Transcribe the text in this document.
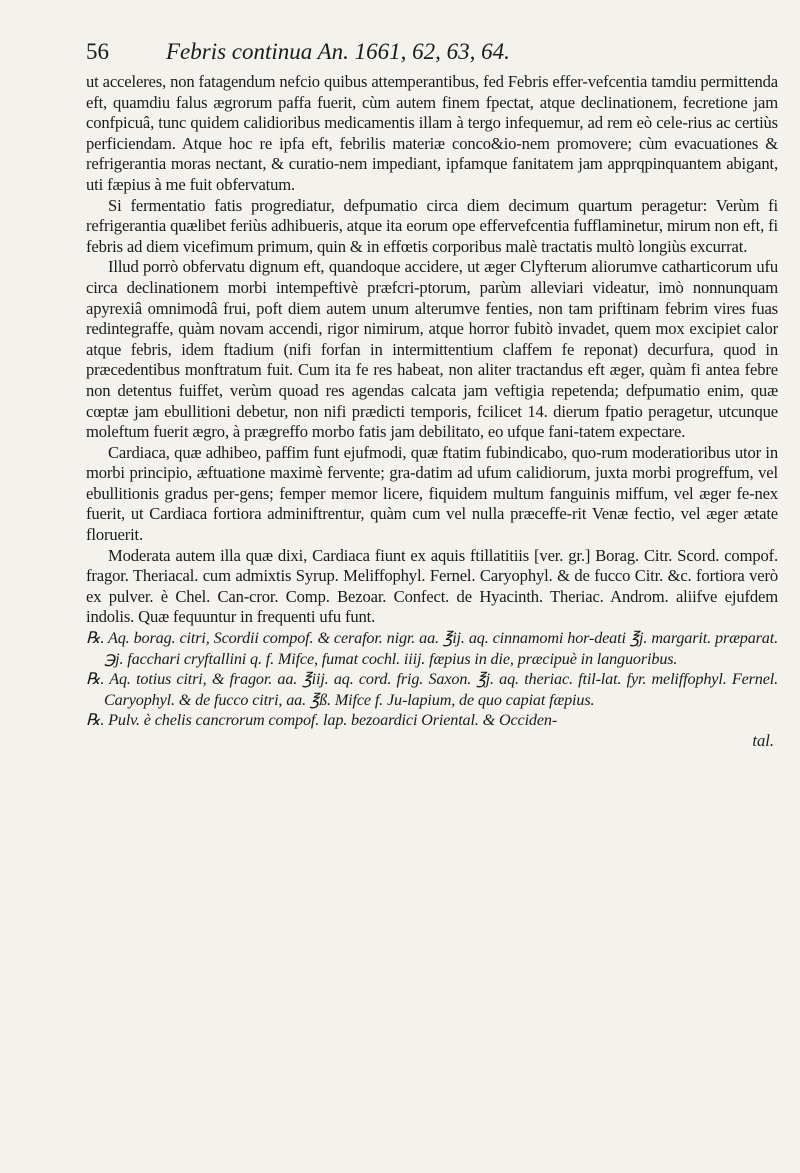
56	Febris continua An. 1661, 62, 63, 64.

ut acceleres, non fatagendum nefcio quibus attemperantibus, fed Febris effer-vefcentia tamdiu permittenda eft, quamdiu falus ægrorum paffa fuerit, cùm autem finem fpectat, atque declinationem, fecretione jam confpicuâ, tunc quidem calidioribus medicamentis illam à tergo infequemur, ad rem eò cele-rius ac certiùs perficiendam. Atque hoc re ipfa eft, febrilis materiæ conco&io-nem promovere; cùm evacuationes & refrigerantia moras nectant, & curatio-nem impediant, ipfamque fanitatem jam apprqpinquantem abigant, uti fæpius à me fuit obfervatum.

Si fermentatio fatis progrediatur, defpumatio circa diem decimum quartum peragetur: Verùm fi refrigerantia quælibet feriùs adhibueris, atque ita eorum ope effervefcentia fufflaminetur, mirum non eft, fi febris ad diem vicefimum primum, quin & in effœtis corporibus malè tractatis multò longiùs excurrat.

Illud porrò obfervatu dignum eft, quandoque accidere, ut æger Clyfterum aliorumve catharticorum ufu circa declinationem morbi intempeftivè præfcri-ptorum, parùm alleviari videatur, imò nonnunquam apyrexiâ omnimodâ frui, poft diem autem unum alterumve fenties, non tam priftinam febrim vires fuas redintegraffe, quàm novam accendi, rigor nimirum, atque horror fubitò invadet, quem mox excipiet calor atque febris, idem ftadium (nifi forfan in intermittentium claffem fe reponat) decurfura, quod in præcedentibus monftratum fuit. Cum ita fe res habeat, non aliter tractandus eft æger, quàm fi antea febre non detentus fuiffet, verùm quoad res agendas calcata jam veftigia repetenda; defpumatio enim, quæ cœptæ jam ebullitioni debetur, non nifi prædicti temporis, fcilicet 14. dierum fpatio peragetur, utcunque moleftum fuerit ægro, à prægreffo morbo fatis jam debilitato, eo ufque fani-tatem expectare.

Cardiaca, quæ adhibeo, paffim funt ejufmodi, quæ ftatim fubindicabo, quo-rum moderatioribus utor in morbi principio, æftuatione maximè fervente; gra-datim ad ufum calidiorum, juxta morbi progreffum, vel ebullitionis gradus per-gens; femper memor licere, fiquidem multum fanguinis miffum, vel æger fe-nex fuerit, ut Cardiaca fortiora adminiftrentur, quàm cum vel nulla præceffe-rit Venæ fectio, vel æger ætate floruerit.

Moderata autem illa quæ dixi, Cardiaca fiunt ex aquis ftillatitiis [ver. gr.] Borag. Citr. Scord. compof. fragor. Theriacal. cum admixtis Syrup. Meliffophyl. Fernel. Caryophyl. & de fucco Citr. &c. fortiora verò ex pulver. è Chel. Can-cror. Comp. Bezoar. Confect. de Hyacinth. Theriac. Androm. aliifve ejufdem indolis. Quæ fequuntur in frequenti ufu funt.

℞. Aq. borag. citri, Scordii compof. & cerafor. nigr. aa. ℥ij. aq. cinnamomi hor-deati ℥j. margarit. præparat. ℈j. facchari cryftallini q. f. Mifce, fumat cochl. iiij. fæpius in die, præcipuè in languoribus.

℞. Aq. totius citri, & fragor. aa. ℥iij. aq. cord. frig. Saxon. ℥j. aq. theriac. ftil-lat. fyr. meliffophyl. Fernel. Caryophyl. & de fucco citri, aa. ℥ß. Mifce f. Ju-lapium, de quo capiat fæpius.

℞. Pulv. è chelis cancrorum compof. lap. bezoardici Oriental. & Occiden-

tal.
